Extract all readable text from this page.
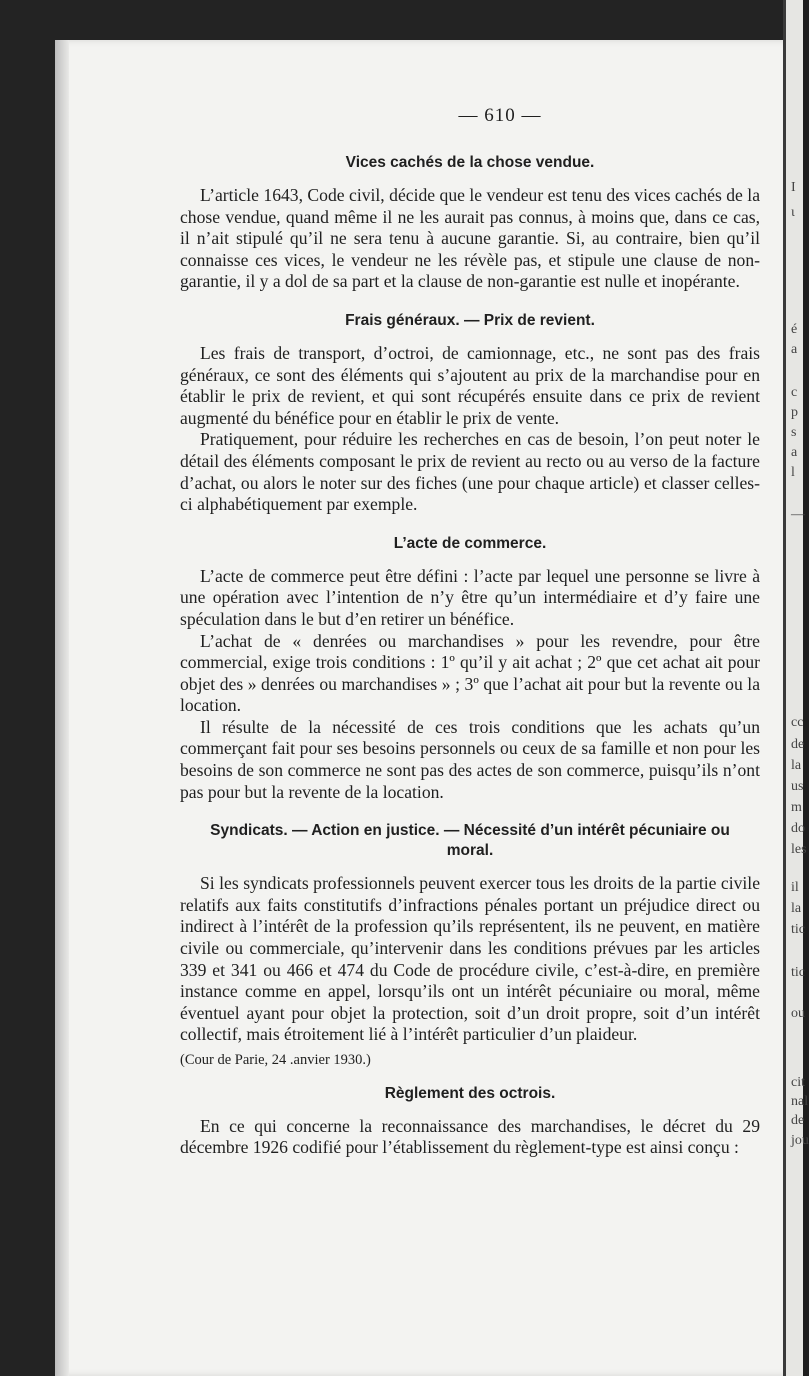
I
ι
é
a
c
p
s
a
l
—
cc
de
la
us
m
do
les
il
la
tic
tic
ou
cit
nal
de
jou
— 610 —
Vices cachés de la chose vendue.

L’article 1643, Code civil, décide que le vendeur est tenu des vices cachés de la chose vendue, quand même il ne les aurait pas connus, à moins que, dans ce cas, il n’ait stipulé qu’il ne sera tenu à aucune garantie. Si, au contraire, bien qu’il connaisse ces vices, le vendeur ne les révèle pas, et stipule une clause de non-garantie, il y a dol de sa part et la clause de non-garantie est nulle et inopérante.

Frais généraux. — Prix de revient.

Les frais de transport, d’octroi, de camionnage, etc., ne sont pas des frais généraux, ce sont des éléments qui s’ajoutent au prix de la marchandise pour en établir le prix de revient, et qui sont récupérés ensuite dans ce prix de revient augmenté du bénéfice pour en établir le prix de vente.

Pratiquement, pour réduire les recherches en cas de besoin, l’on peut noter le détail des éléments composant le prix de revient au recto ou au verso de la facture d’achat, ou alors le noter sur des fiches (une pour chaque article) et classer celles-ci alphabétiquement par exemple.

L’acte de commerce.

L’acte de commerce peut être défini : l’acte par lequel une personne se livre à une opération avec l’intention de n’y être qu’un intermédiaire et d’y faire une spéculation dans le but d’en retirer un bénéfice.

L’achat de « denrées ou marchandises » pour les revendre, pour être commercial, exige trois conditions : 1º qu’il y ait achat ; 2º que cet achat ait pour objet des » denrées ou marchandises » ; 3º que l’achat ait pour but la revente ou la location.

Il résulte de la nécessité de ces trois conditions que les achats qu’un commerçant fait pour ses besoins personnels ou ceux de sa famille et non pour les besoins de son commerce ne sont pas des actes de son commerce, puisqu’ils n’ont pas pour but la revente de la location.

Syndicats. — Action en justice. — Nécessité d’un intérêt pécuniaire ou moral.

Si les syndicats professionnels peuvent exercer tous les droits de la partie civile relatifs aux faits constitutifs d’infractions pénales portant un préjudice direct ou indirect à l’intérêt de la profession qu’ils représentent, ils ne peuvent, en matière civile ou commerciale, qu’intervenir dans les conditions prévues par les articles 339 et 341 ou 466 et 474 du Code de procédure civile, c’est-à-dire, en première instance comme en appel, lorsqu’ils ont un intérêt pécuniaire ou moral, même éventuel ayant pour objet la protection, soit d’un droit propre, soit d’un intérêt collectif, mais étroitement lié à l’intérêt particulier d’un plaideur.

(Cour de Parie, 24 .anvier 1930.)

Règlement des octrois.

En ce qui concerne la reconnaissance des marchandises, le décret du 29 décembre 1926 codifié pour l’établissement du règlement-type est ainsi conçu :
